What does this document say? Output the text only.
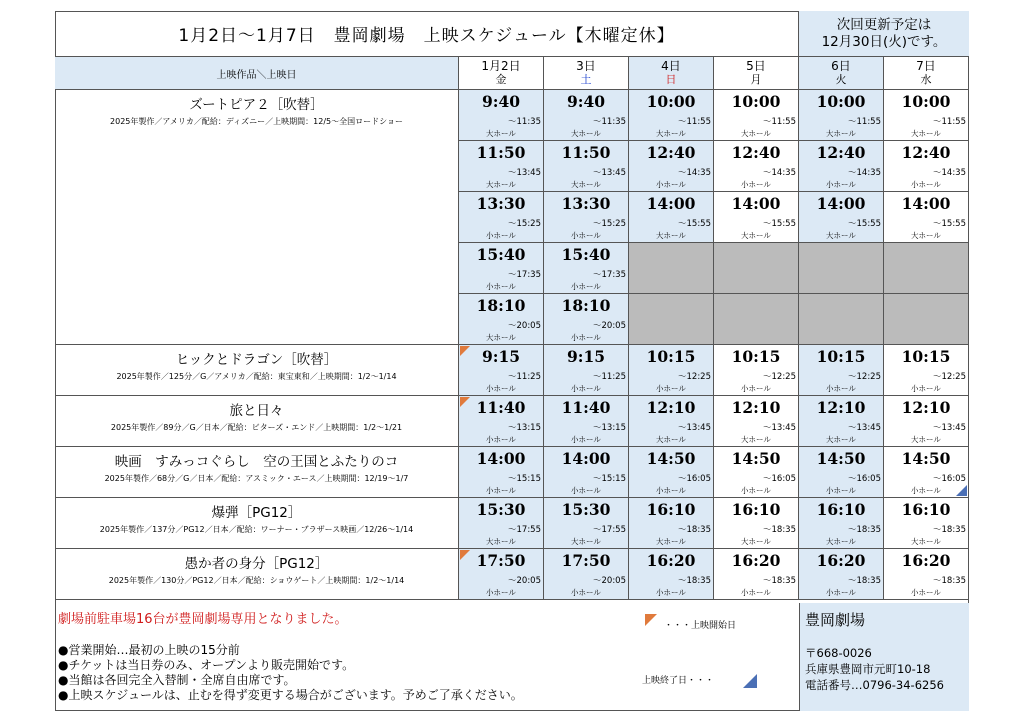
1月2日～1月7日　豊岡劇場　上映スケジュール【木曜定休】
次回更新予定は
12月30日(火)です。
上映作品＼上映日
1月2日
金
3日
土
4日
日
5日
月
6日
火
7日
水
ズートピア２［吹替］
2025年製作／アメリカ／配給：ディズニー／上映期間：12/5～全国ロードショー
9:40
～11:35
大ホール
9:40
～11:35
大ホール
10:00
～11:55
大ホール
10:00
～11:55
大ホール
10:00
～11:55
大ホール
10:00
～11:55
大ホール
11:50
～13:45
大ホール
11:50
～13:45
大ホール
12:40
～14:35
小ホール
12:40
～14:35
小ホール
12:40
～14:35
小ホール
12:40
～14:35
小ホール
13:30
～15:25
小ホール
13:30
～15:25
小ホール
14:00
～15:55
大ホール
14:00
～15:55
大ホール
14:00
～15:55
大ホール
14:00
～15:55
大ホール
15:40
～17:35
小ホール
15:40
～17:35
小ホール
18:10
～20:05
大ホール
18:10
～20:05
小ホール
ヒックとドラゴン［吹替］
2025年製作／125分／G／アメリカ／配給：東宝東和／上映期間：1/2～1/14
9:15
～11:25
小ホール
9:15
～11:25
小ホール
10:15
～12:25
小ホール
10:15
～12:25
小ホール
10:15
～12:25
小ホール
10:15
～12:25
小ホール
旅と日々
2025年製作／89分／G／日本／配給：ビターズ・エンド／上映期間：1/2～1/21
11:40
～13:15
小ホール
11:40
～13:15
小ホール
12:10
～13:45
大ホール
12:10
～13:45
大ホール
12:10
～13:45
大ホール
12:10
～13:45
大ホール
映画　すみっコぐらし　空の王国とふたりのコ
2025年製作／68分／G／日本／配給：アスミック・エース／上映期間：12/19～1/7
14:00
～15:15
小ホール
14:00
～15:15
小ホール
14:50
～16:05
小ホール
14:50
～16:05
小ホール
14:50
～16:05
小ホール
14:50
～16:05
小ホール
爆弾［PG12］
2025年製作／137分／PG12／日本／配給：ワーナー・ブラザース映画／12/26～1/14
15:30
～17:55
大ホール
15:30
～17:55
大ホール
16:10
～18:35
大ホール
16:10
～18:35
大ホール
16:10
～18:35
大ホール
16:10
～18:35
大ホール
愚か者の身分［PG12］
2025年製作／130分／PG12／日本／配給：ショウゲート／上映期間：1/2～1/14
17:50
～20:05
小ホール
17:50
～20:05
小ホール
16:20
～18:35
小ホール
16:20
～18:35
小ホール
16:20
～18:35
小ホール
16:20
～18:35
小ホール
劇場前駐車場16台が豊岡劇場専用となりました。
●営業開始…最初の上映の15分前
●チケットは当日券のみ、オープンより販売開始です。
●当館は各回完全入替制・全席自由席です。
●上映スケジュールは、止むを得ず変更する場合がございます。予めご了承ください。
・・・上映開始日
上映終了日・・・
豊岡劇場
〒668-0026
兵庫県豊岡市元町10-18
電話番号…0796-34-6256
